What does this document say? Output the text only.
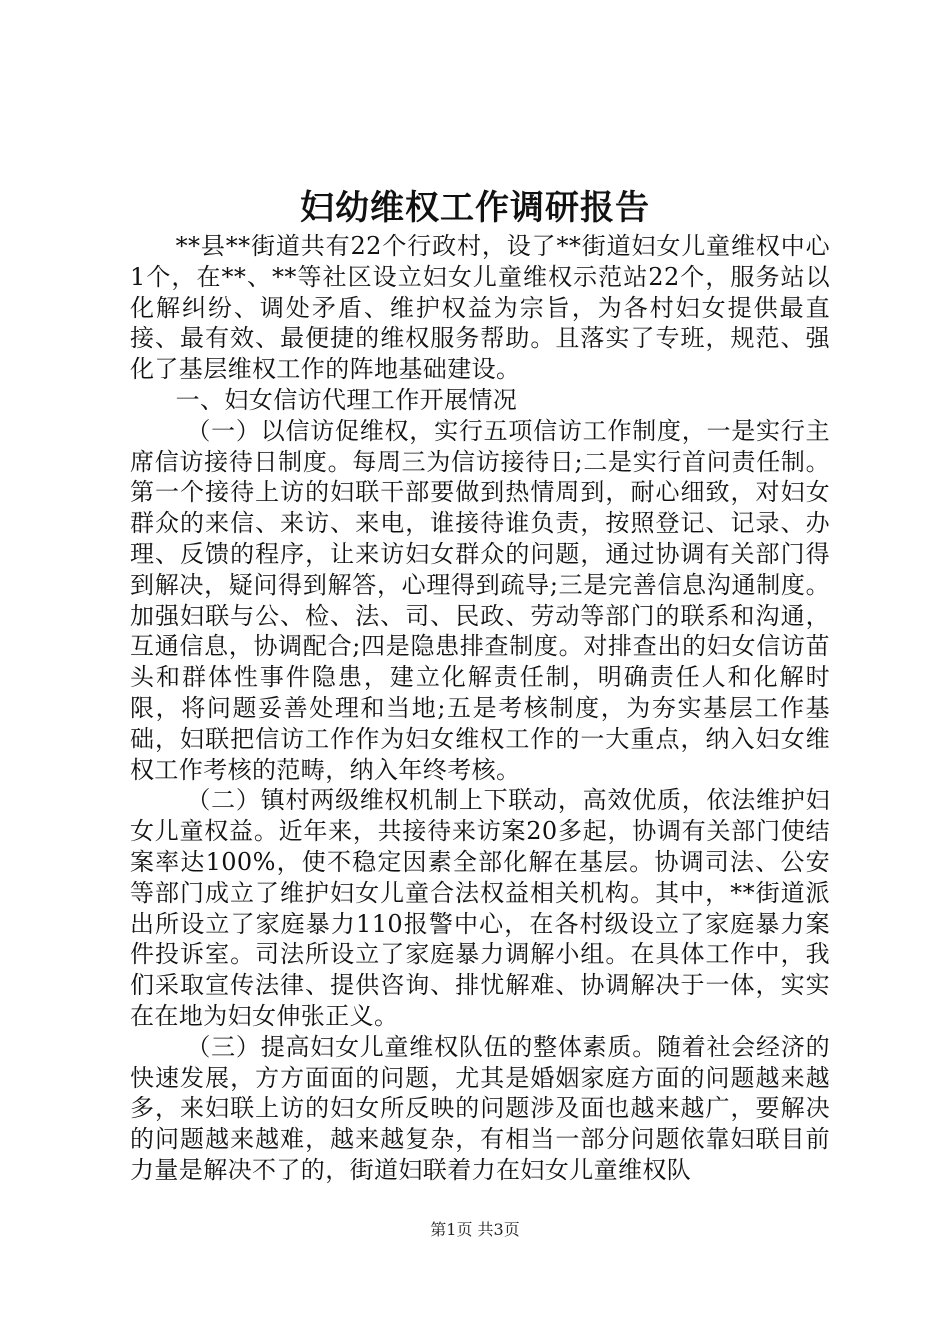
妇幼维权工作调研报告

**县**街道共有22个行政村，设了**街道妇女儿童维权中心1个，在**、**等社区设立妇女儿童维权示范站22个，服务站以化解纠纷、调处矛盾、维护权益为宗旨，为各村妇女提供最直接、最有效、最便捷的维权服务帮助。且落实了专班，规范、强化了基层维权工作的阵地基础建设。

一、妇女信访代理工作开展情况

（一）以信访促维权，实行五项信访工作制度，一是实行主席信访接待日制度。每周三为信访接待日;二是实行首问责任制。第一个接待上访的妇联干部要做到热情周到，耐心细致，对妇女群众的来信、来访、来电，谁接待谁负责，按照登记、记录、办理、反馈的程序，让来访妇女群众的问题，通过协调有关部门得到解决，疑问得到解答，心理得到疏导;三是完善信息沟通制度。加强妇联与公、检、法、司、民政、劳动等部门的联系和沟通，互通信息，协调配合;四是隐患排查制度。对排查出的妇女信访苗头和群体性事件隐患，建立化解责任制，明确责任人和化解时限，将问题妥善处理和当地;五是考核制度，为夯实基层工作基础，妇联把信访工作作为妇女维权工作的一大重点，纳入妇女维权工作考核的范畴，纳入年终考核。

（二）镇村两级维权机制上下联动，高效优质，依法维护妇女儿童权益。近年来，共接待来访案20多起，协调有关部门使结案率达100%，使不稳定因素全部化解在基层。协调司法、公安等部门成立了维护妇女儿童合法权益相关机构。其中，**街道派出所设立了家庭暴力110报警中心，在各村级设立了家庭暴力案件投诉室。司法所设立了家庭暴力调解小组。在具体工作中，我们采取宣传法律、提供咨询、排忧解难、协调解决于一体，实实在在地为妇女伸张正义。

（三）提高妇女儿童维权队伍的整体素质。随着社会经济的快速发展，方方面面的问题，尤其是婚姻家庭方面的问题越来越多，来妇联上访的妇女所反映的问题涉及面也越来越广，要解决的问题越来越难，越来越复杂，有相当一部分问题依靠妇联目前力量是解决不了的，街道妇联着力在妇女儿童维权队

第1页 共3页
